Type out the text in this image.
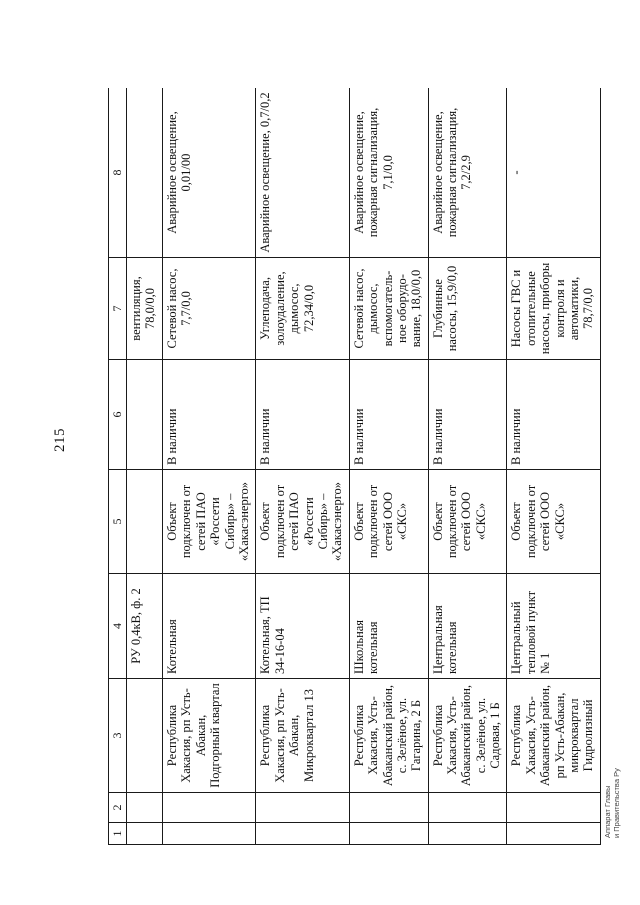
215
1	2	3	4	5	6	7	8
			РУ 0,4кВ, ф. 2			вентиляция, 78,0/0,0	
		Республика Хакасия, рп Усть-Абакан, Подгорный квартал	Котельная	Объект подключен от сетей ПАО «Россети Сибирь» – «Хакасэнерго»	В наличии	Сетевой насос, 7,7/0,0	Аварийное освещение, 0,01/00
		Республика Хакасия, рп Усть-Абакан, Микроквартал 13	Котельная, ТП 34-16-04	Объект подключен от сетей ПАО «Россети Сибирь» – «Хакасэнерго»	В наличии	Углеподача, золоудаление, дымосос, 72,34/0,0	Аварийное освещение, 0,7/0,2
		Республика Хакасия, Усть-Абаканский район, с. Зелёное, ул. Гагарина, 2 Б	Школьная котельная	Объект подключен от сетей ООО «СКС»	В наличии	Сетевой насос, дымосос, вспомогатель-ное оборудо-вание, 18,0/0,0	Аварийное освещение, пожарная сигнализация, 7,1/0,0
		Республика Хакасия, Усть-Абаканский район, с. Зелёное, ул. Садовая, 1 Б	Центральная котельная	Объект подключен от сетей ООО «СКС»	В наличии	Глубинные насосы, 15,9/0,0	Аварийное освещение, пожарная сигнализация, 7,2/2,9
		Республика Хакасия, Усть-Абаканский район, рп Усть-Абакан, микроквартал Гидролизный	Центральный тепловой пункт № 1	Объект подключен от сетей ООО «СКС»	В наличии	Насосы ГВС и отопительные насосы, приборы контроля и автоматики, 78,7/0,0	-
Аппарат Главы и Правительства Ру
